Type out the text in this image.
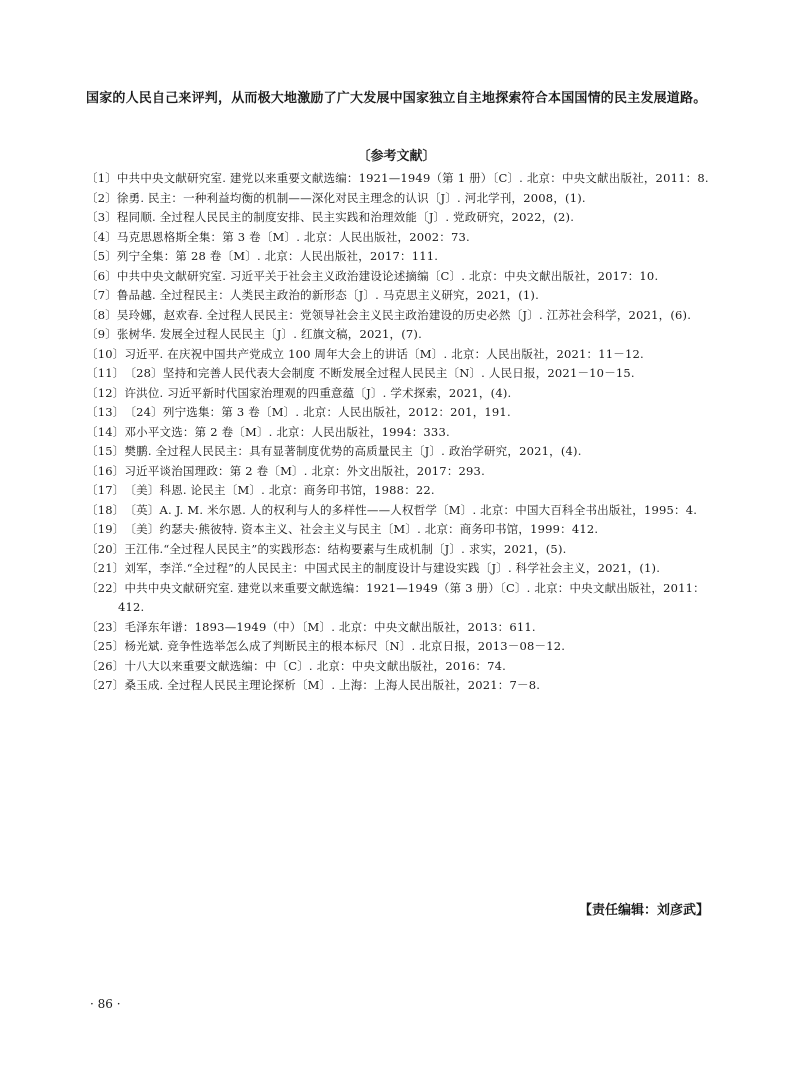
国家的人民自己来评判，从而极大地激励了广大发展中国家独立自主地探索符合本国国情的民主发展道路。

〔参考文献〕
〔1〕中共中央文献研究室. 建党以来重要文献选编：1921—1949（第 1 册）〔C〕. 北京：中央文献出版社，2011：8.
〔2〕徐勇. 民主：一种利益均衡的机制——深化对民主理念的认识〔J〕. 河北学刊，2008，(1).
〔3〕程同顺. 全过程人民民主的制度安排、民主实践和治理效能〔J〕. 党政研究，2022，(2).
〔4〕马克思恩格斯全集：第 3 卷〔M〕. 北京：人民出版社，2002：73.
〔5〕列宁全集：第 28 卷〔M〕. 北京：人民出版社，2017：111.
〔6〕中共中央文献研究室. 习近平关于社会主义政治建设论述摘编〔C〕. 北京：中央文献出版社，2017：10.
〔7〕鲁品越. 全过程民主：人类民主政治的新形态〔J〕. 马克思主义研究，2021，(1).
〔8〕吴玲娜，赵欢春. 全过程人民民主：党领导社会主义民主政治建设的历史必然〔J〕. 江苏社会科学，2021，(6).
〔9〕张树华. 发展全过程人民民主〔J〕. 红旗文稿，2021，(7).
〔10〕习近平. 在庆祝中国共产党成立 100 周年大会上的讲话〔M〕. 北京：人民出版社，2021：11－12.
〔11〕〔28〕坚持和完善人民代表大会制度 不断发展全过程人民民主〔N〕. 人民日报，2021－10－15.
〔12〕许洪位. 习近平新时代国家治理观的四重意蕴〔J〕. 学术探索，2021，(4).
〔13〕〔24〕列宁选集：第 3 卷〔M〕. 北京：人民出版社，2012：201，191.
〔14〕邓小平文选：第 2 卷〔M〕. 北京：人民出版社，1994：333.
〔15〕樊鹏. 全过程人民民主：具有显著制度优势的高质量民主〔J〕. 政治学研究，2021，(4).
〔16〕习近平谈治国理政：第 2 卷〔M〕. 北京：外文出版社，2017：293.
〔17〕〔美〕科恩. 论民主〔M〕. 北京：商务印书馆，1988：22.
〔18〕〔英〕A. J. M. 米尔恩. 人的权利与人的多样性——人权哲学〔M〕. 北京：中国大百科全书出版社，1995：4.
〔19〕〔美〕约瑟夫·熊彼特. 资本主义、社会主义与民主〔M〕. 北京：商务印书馆，1999：412.
〔20〕王江伟.“全过程人民民主”的实践形态：结构要素与生成机制〔J〕. 求实，2021，(5).
〔21〕刘军，李洋.“全过程”的人民民主：中国式民主的制度设计与建设实践〔J〕. 科学社会主义，2021，(1).
〔22〕中共中央文献研究室. 建党以来重要文献选编：1921—1949（第 3 册）〔C〕. 北京：中央文献出版社，2011：412.
〔23〕毛泽东年谱：1893—1949（中）〔M〕. 北京：中央文献出版社，2013：611.
〔25〕杨光斌. 竞争性选举怎么成了判断民主的根本标尺〔N〕. 北京日报，2013－08－12.
〔26〕十八大以来重要文献选编：中〔C〕. 北京：中央文献出版社，2016：74.
〔27〕桑玉成. 全过程人民民主理论探析〔M〕. 上海：上海人民出版社，2021：7－8.

【责任编辑：刘彦武】

· 86 ·
